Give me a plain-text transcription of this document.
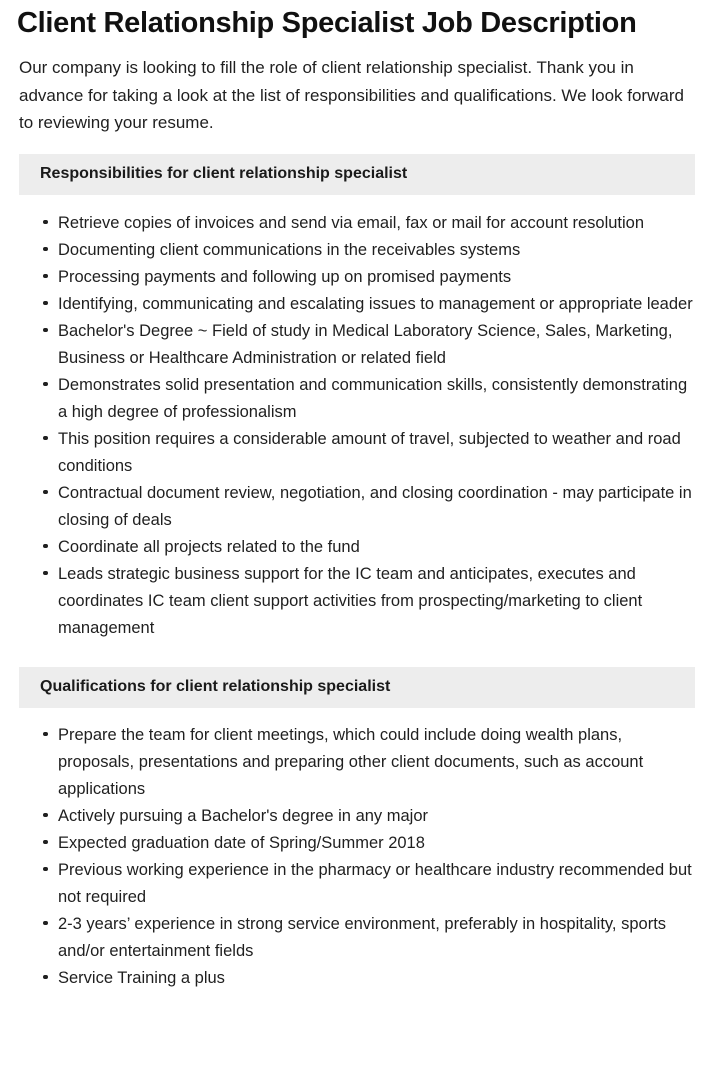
Client Relationship Specialist Job Description

Our company is looking to fill the role of client relationship specialist. Thank you in advance for taking a look at the list of responsibilities and qualifications. We look forward to reviewing your resume.

Responsibilities for client relationship specialist
Retrieve copies of invoices and send via email, fax or mail for account resolution
Documenting client communications in the receivables systems
Processing payments and following up on promised payments
Identifying, communicating and escalating issues to management or appropriate leader
Bachelor's Degree ~ Field of study in Medical Laboratory Science, Sales, Marketing, Business or Healthcare Administration or related field
Demonstrates solid presentation and communication skills, consistently demonstrating a high degree of professionalism
This position requires a considerable amount of travel, subjected to weather and road conditions
Contractual document review, negotiation, and closing coordination - may participate in closing of deals
Coordinate all projects related to the fund
Leads strategic business support for the IC team and anticipates, executes and coordinates IC team client support activities from prospecting/marketing to client management
Qualifications for client relationship specialist
Prepare the team for client meetings, which could include doing wealth plans, proposals, presentations and preparing other client documents, such as account applications
Actively pursuing a Bachelor's degree in any major
Expected graduation date of Spring/Summer 2018
Previous working experience in the pharmacy or healthcare industry recommended but not required
2-3 years’ experience in strong service environment, preferably in hospitality, sports and/or entertainment fields
Service Training a plus
